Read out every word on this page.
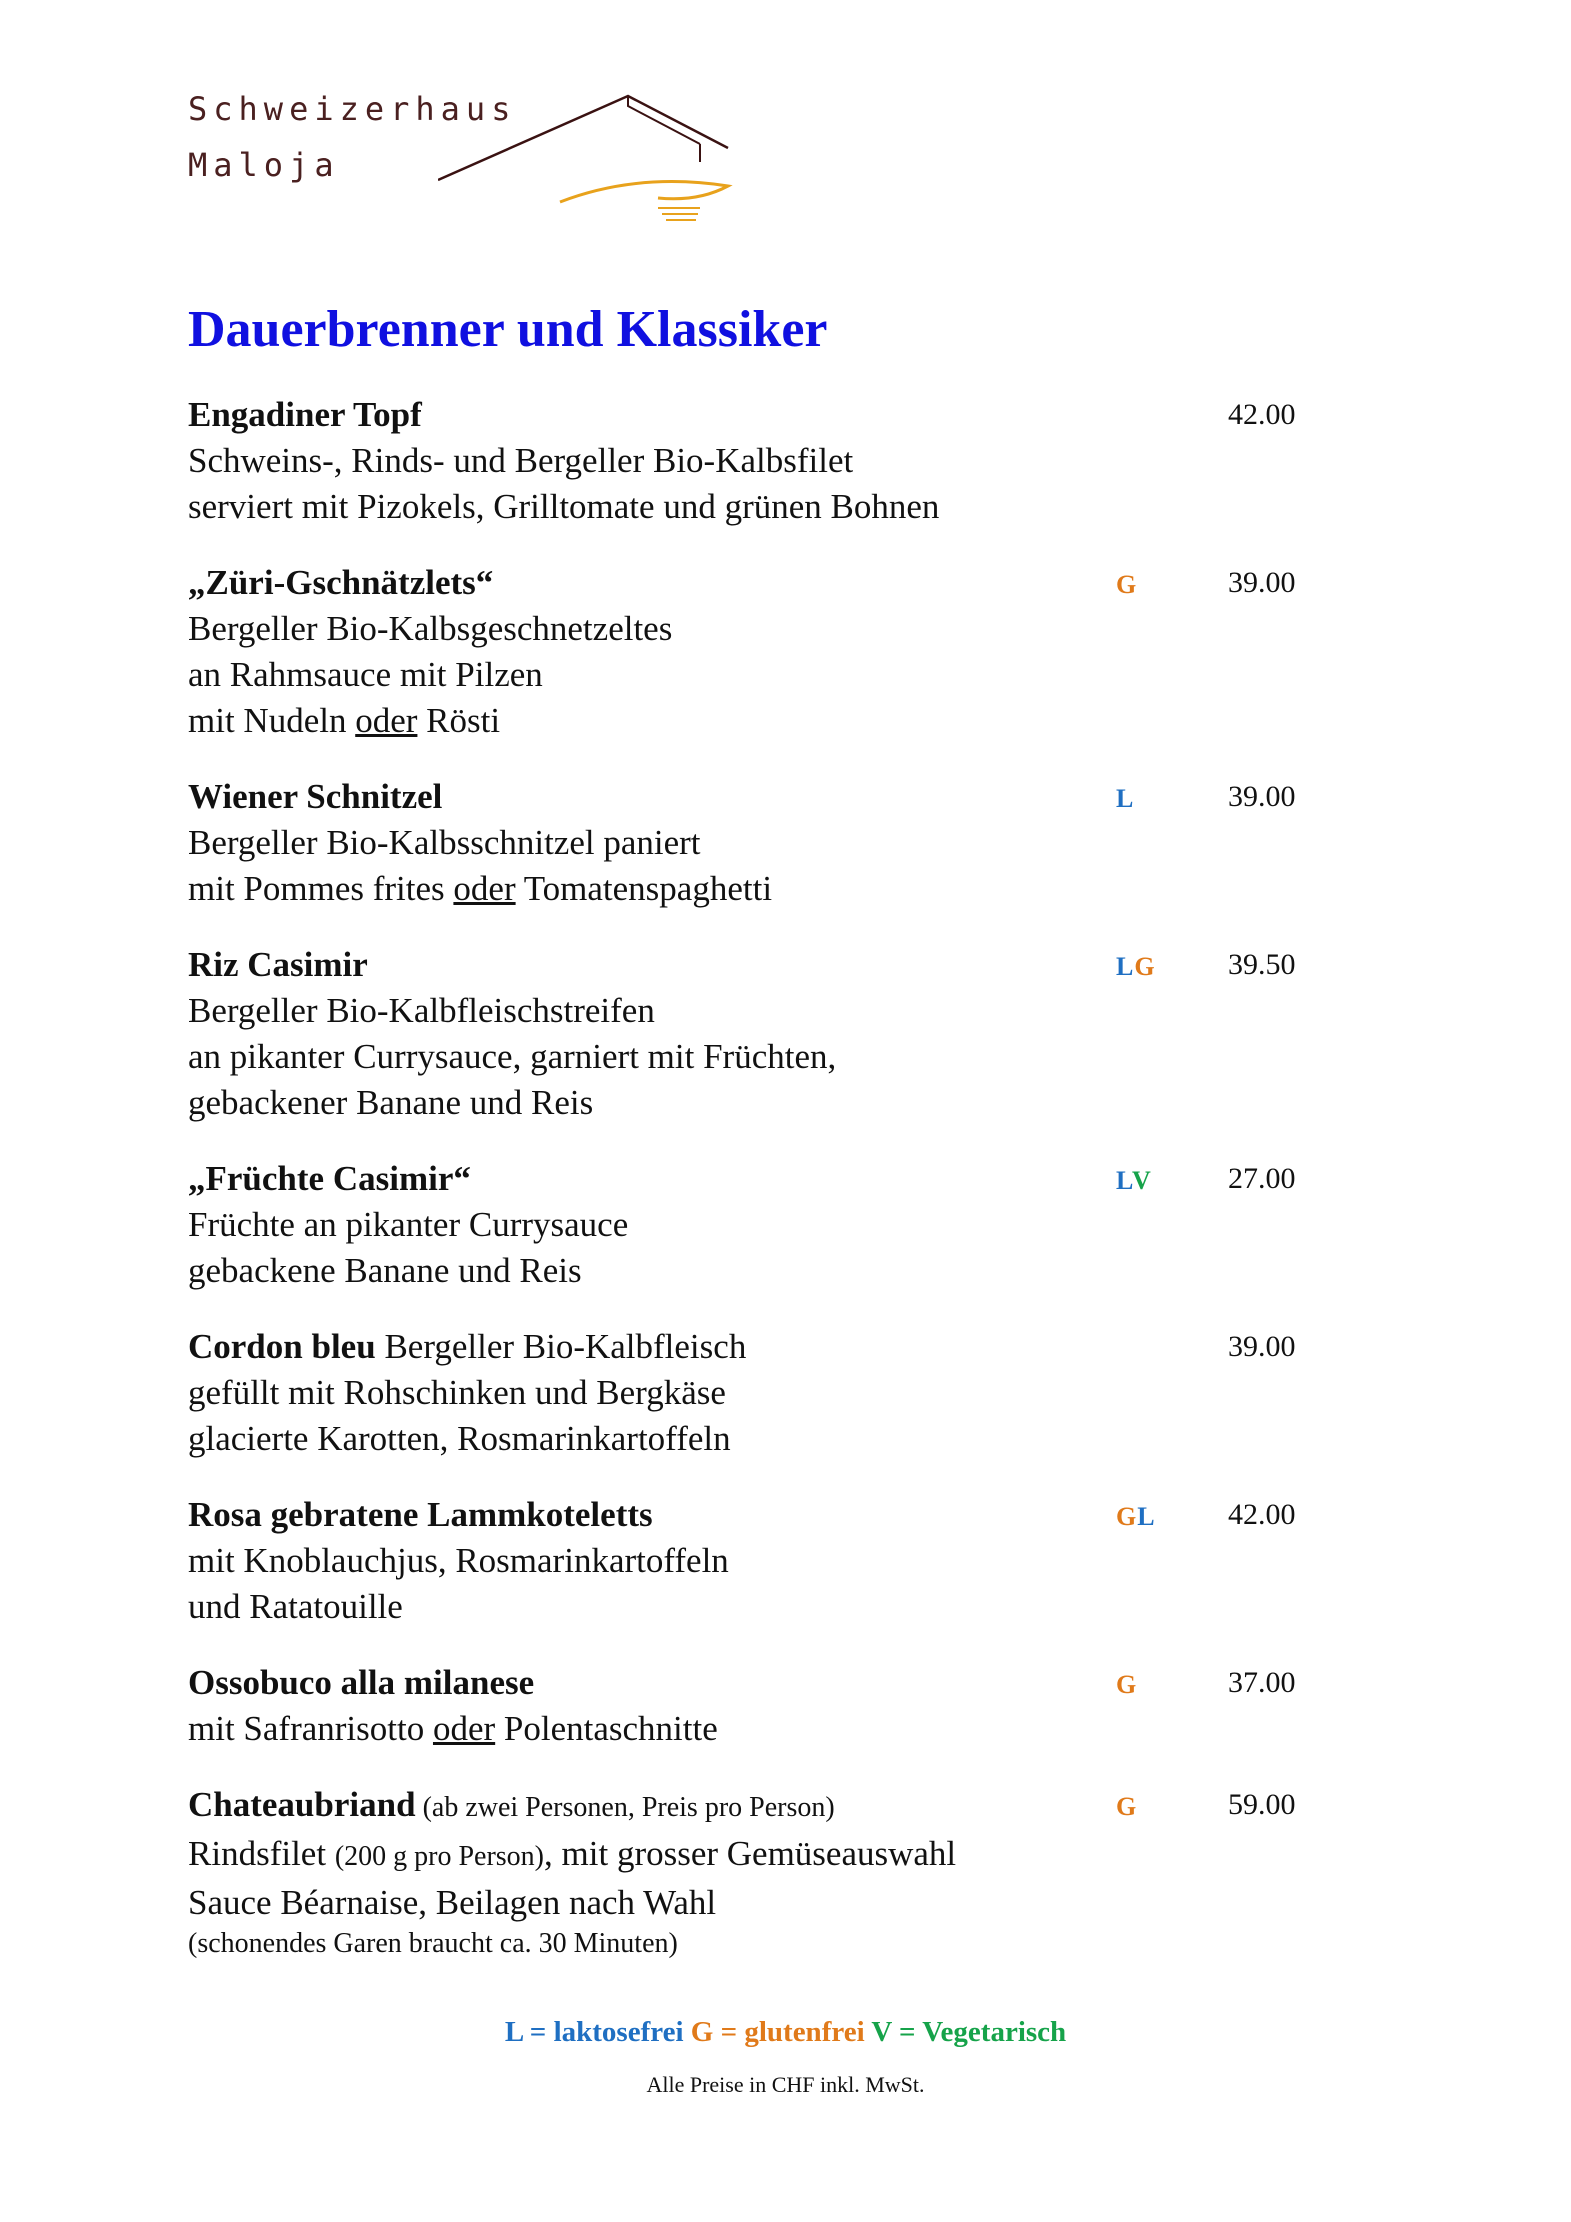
Schweizerhaus
Maloja
Dauerbrenner und Klassiker
Engadiner Topf
Schweins-, Rinds- und Bergeller Bio-Kalbsfilet
serviert mit Pizokels, Grilltomate und grünen Bohnen
42.00
„Züri-Gschnätzlets“
Bergeller Bio-Kalbsgeschnetzeltes
an Rahmsauce mit Pilzen
mit Nudeln oder Rösti
G	39.00
Wiener Schnitzel
Bergeller Bio-Kalbsschnitzel paniert
mit Pommes frites oder Tomatenspaghetti
L	39.00
Riz Casimir
Bergeller Bio-Kalbfleischstreifen
an pikanter Currysauce, garniert mit Früchten,
gebackener Banane und Reis
LG 39.50
„Früchte Casimir“
Früchte an pikanter Currysauce
gebackene Banane und Reis
LV	27.00
Cordon bleu Bergeller Bio-Kalbfleisch
gefüllt mit Rohschinken und Bergkäse
glacierte Karotten, Rosmarinkartoffeln
39.00
Rosa gebratene Lammkoteletts
mit Knoblauchjus, Rosmarinkartoffeln
und Ratatouille
GL 42.00
Ossobuco alla milanese
mit Safranrisotto oder Polentaschnitte
G	37.00
Chateaubriand (ab zwei Personen, Preis pro Person)
Rindsfilet (200 g pro Person), mit grosser Gemüseauswahl
Sauce Béarnaise, Beilagen nach Wahl
(schonendes Garen braucht ca. 30 Minuten)
G	59.00
L = laktosefrei G = glutenfrei V = Vegetarisch
Alle Preise in CHF inkl. MwSt.
